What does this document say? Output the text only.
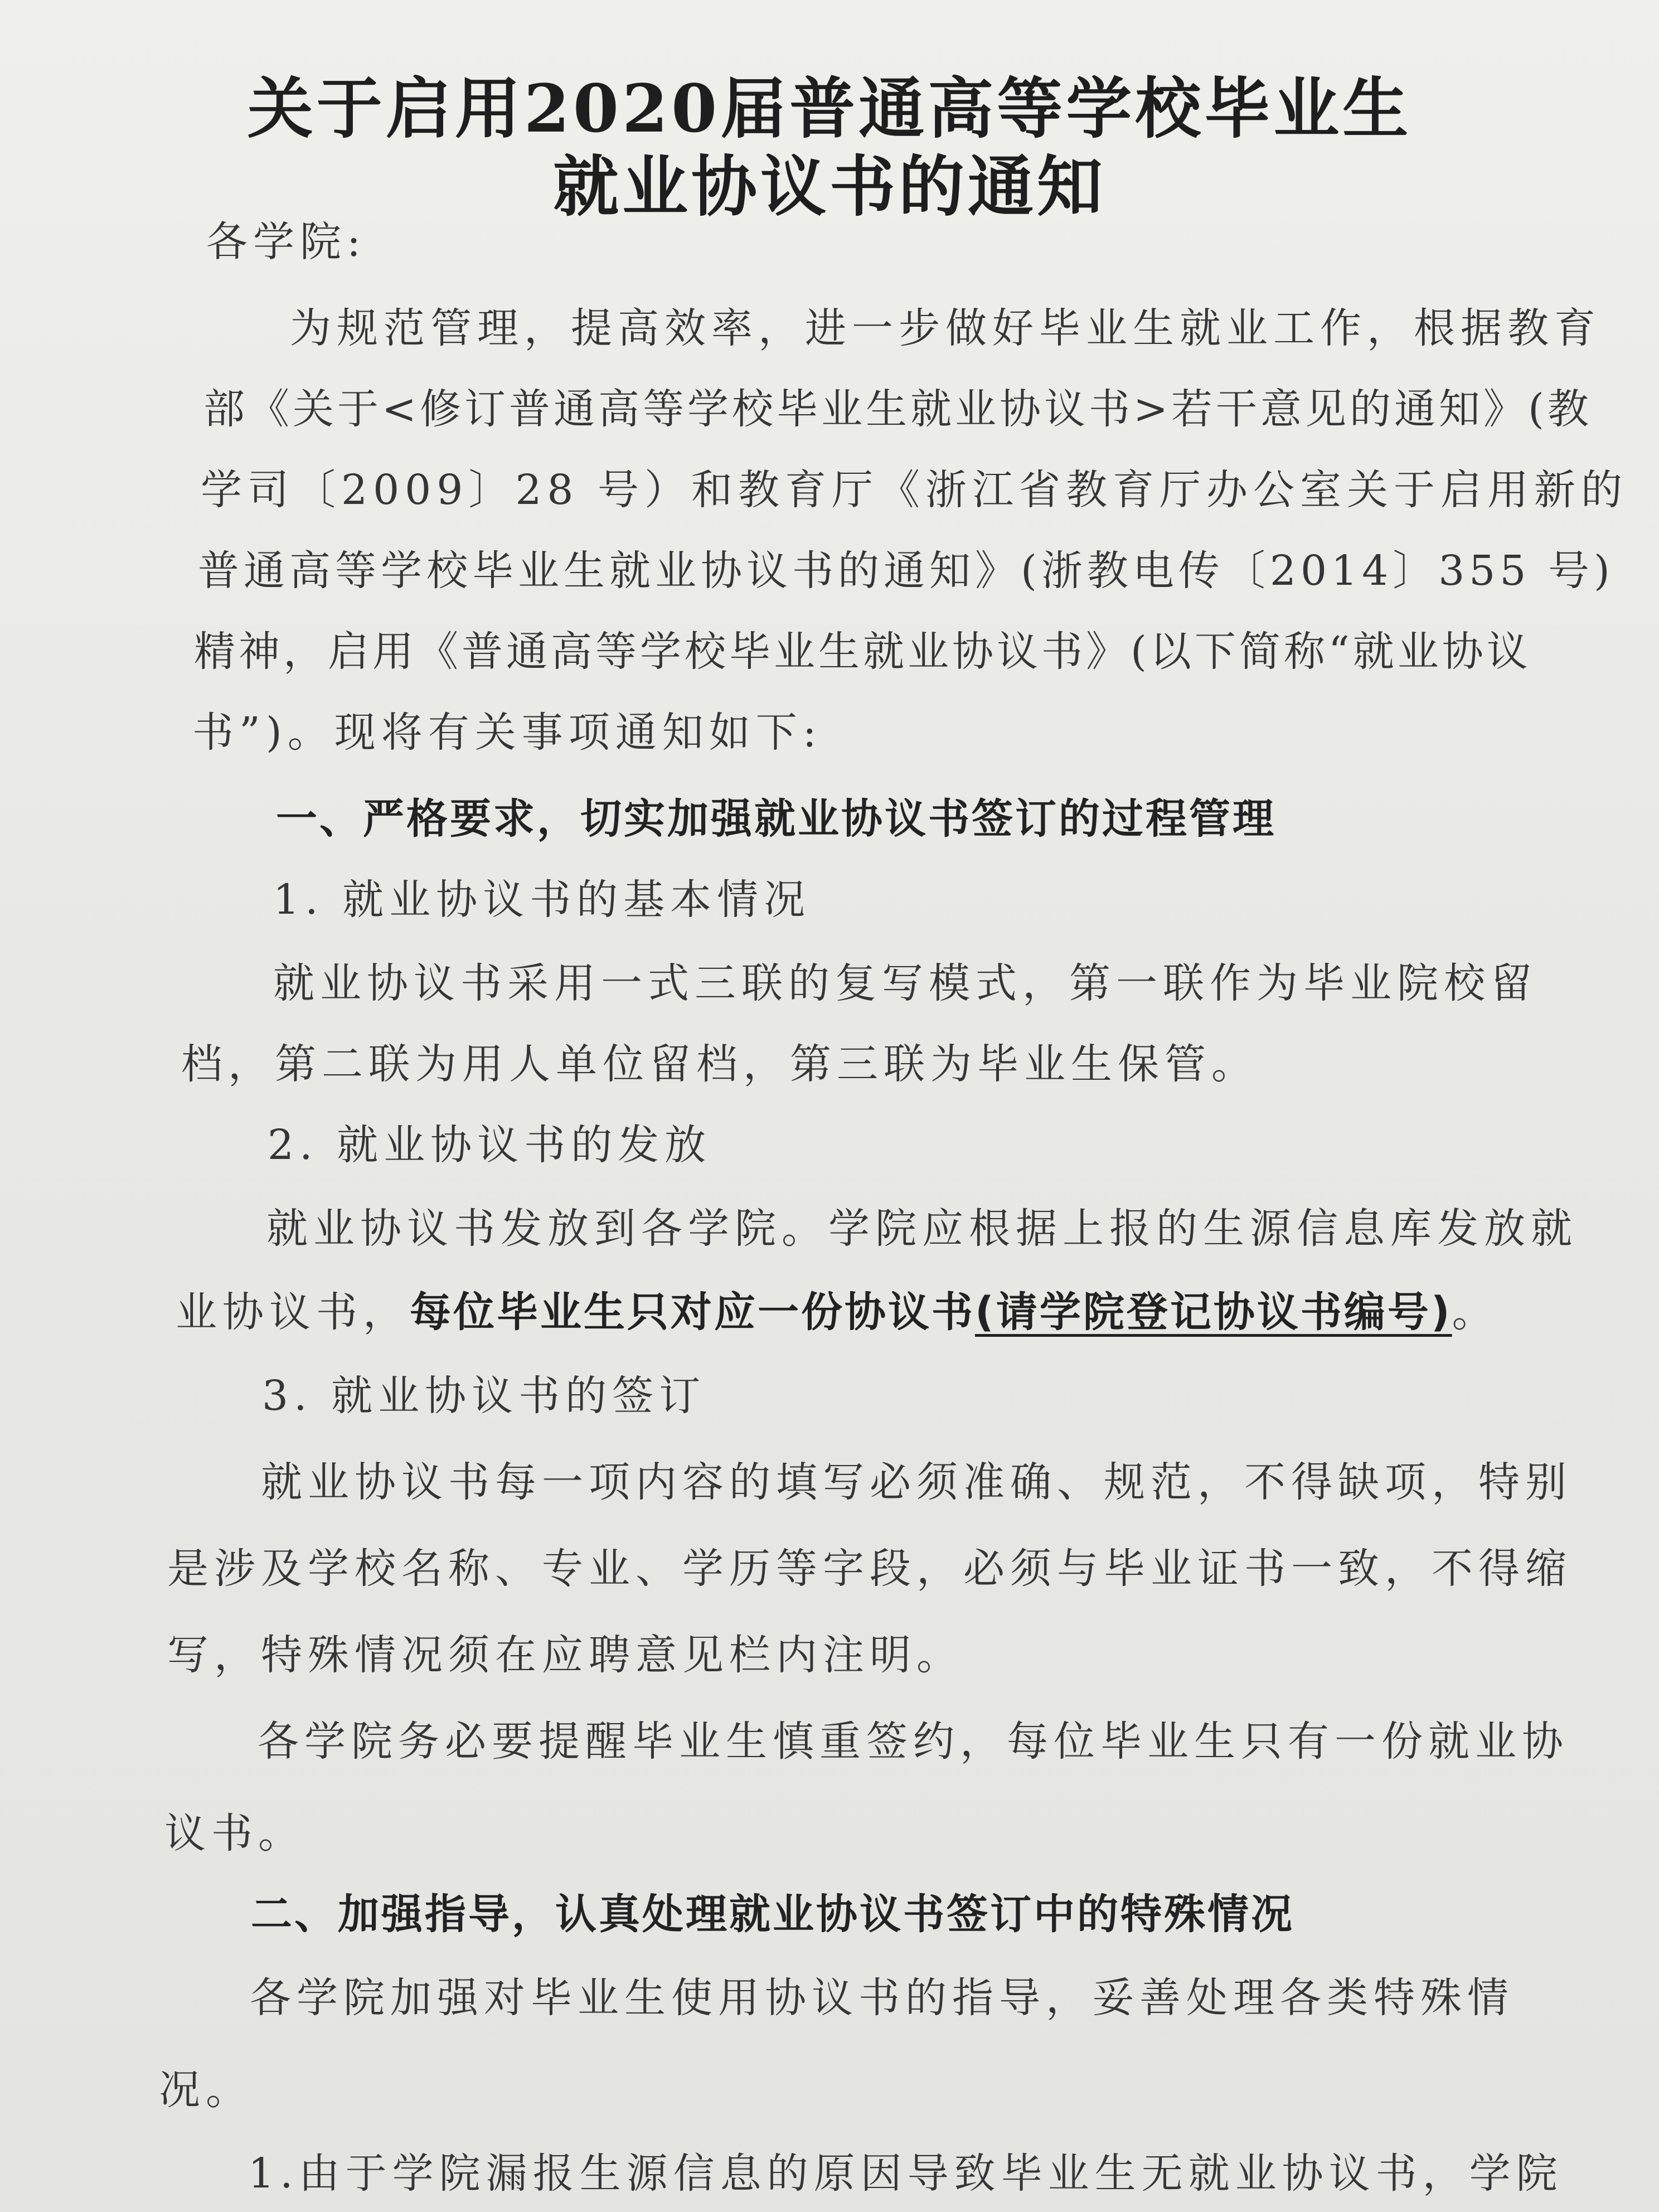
关于启用2020届普通高等学校毕业生
就业协议书的通知
各学院:
为规范管理，提高效率，进一步做好毕业生就业工作，根据教育
部《关于<修订普通高等学校毕业生就业协议书>若干意见的通知》(教
学司〔2009〕28 号）和教育厅《浙江省教育厅办公室关于启用新的
普通高等学校毕业生就业协议书的通知》(浙教电传〔2014〕355 号)
精神，启用《普通高等学校毕业生就业协议书》(以下简称“就业协议
书”)。现将有关事项通知如下:
一、严格要求，切实加强就业协议书签订的过程管理
1. 就业协议书的基本情况
就业协议书采用一式三联的复写模式，第一联作为毕业院校留
档，第二联为用人单位留档，第三联为毕业生保管。
2. 就业协议书的发放
就业协议书发放到各学院。学院应根据上报的生源信息库发放就
业协议书，每位毕业生只对应一份协议书(请学院登记协议书编号)。
3. 就业协议书的签订
就业协议书每一项内容的填写必须准确、规范，不得缺项，特别
是涉及学校名称、专业、学历等字段，必须与毕业证书一致，不得缩
写，特殊情况须在应聘意见栏内注明。
各学院务必要提醒毕业生慎重签约，每位毕业生只有一份就业协
议书。
二、加强指导，认真处理就业协议书签订中的特殊情况
各学院加强对毕业生使用协议书的指导，妥善处理各类特殊情
况。
1.由于学院漏报生源信息的原因导致毕业生无就业协议书，学院
